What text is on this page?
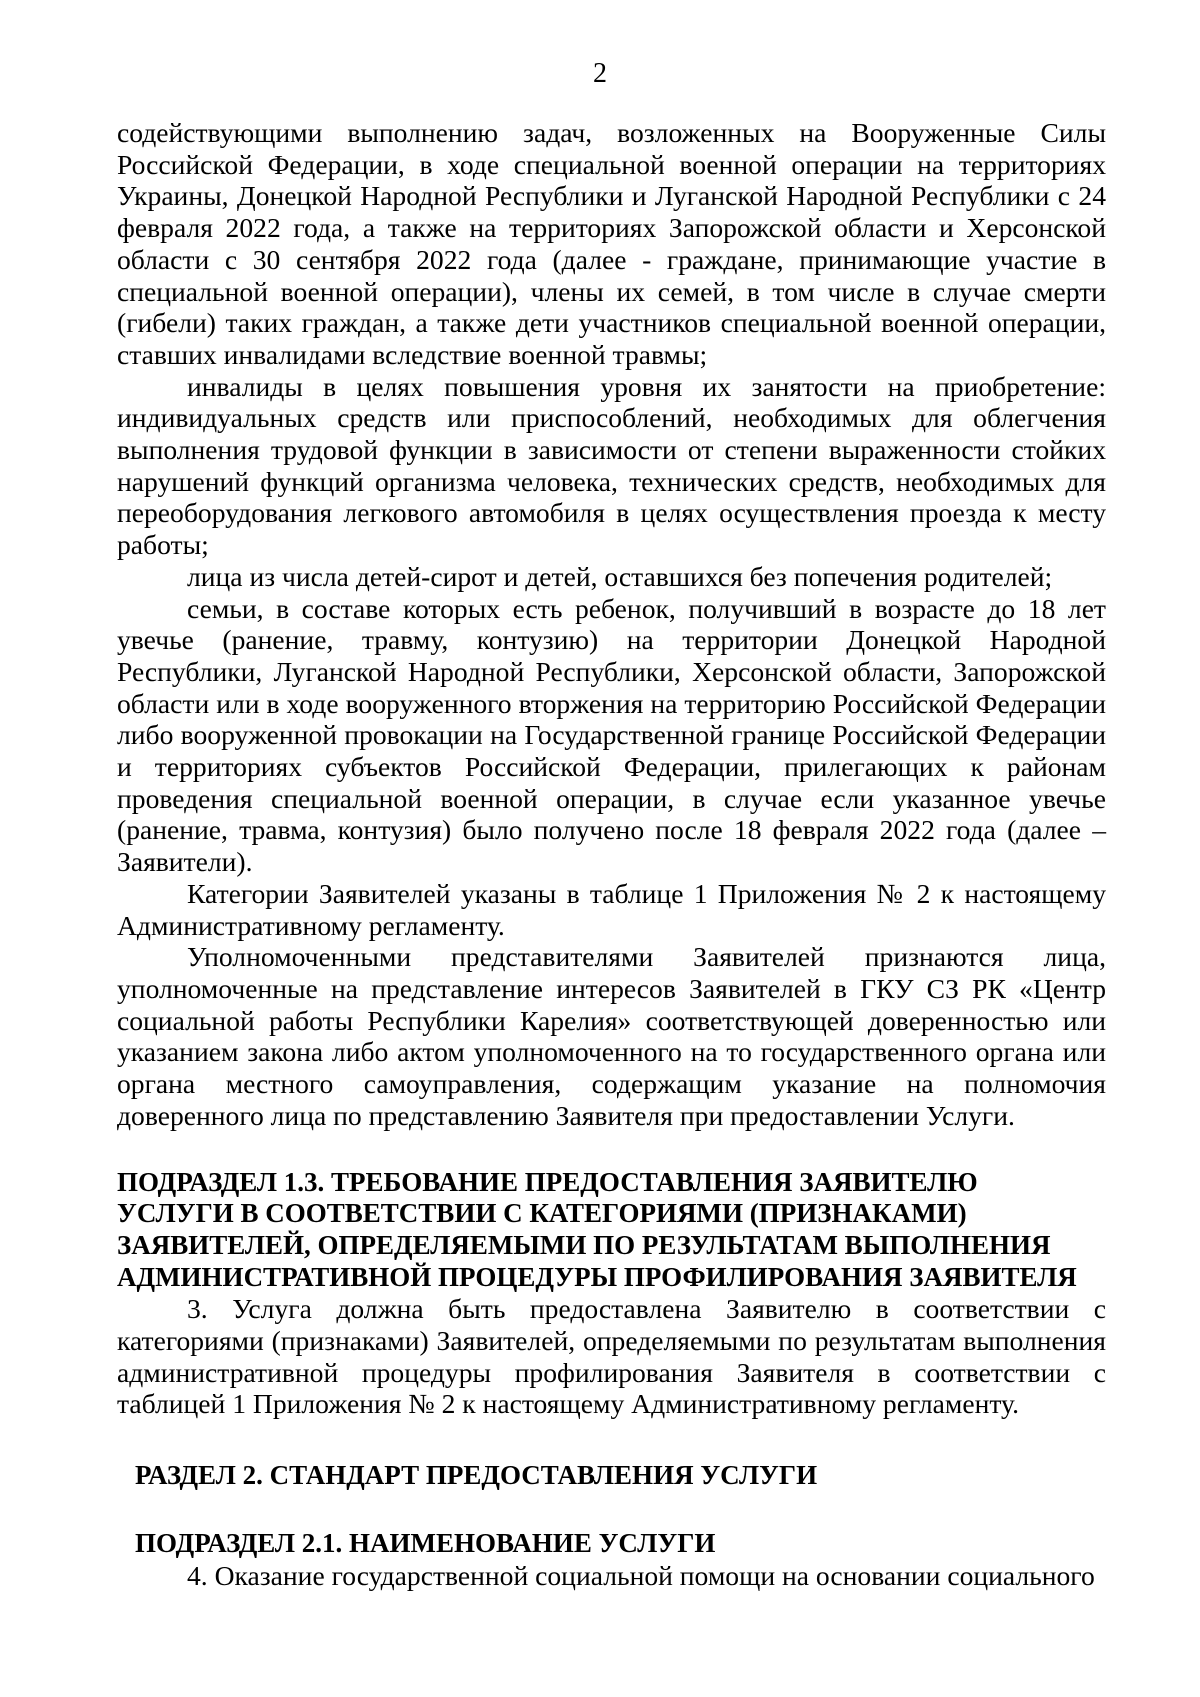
2

содействующими выполнению задач, возложенных на Вооруженные Силы Российской Федерации, в ходе специальной военной операции на территориях Украины, Донецкой Народной Республики и Луганской Народной Республики с 24 февраля 2022 года, а также на территориях Запорожской области и Херсонской области с 30 сентября 2022 года (далее - граждане, принимающие участие в специальной военной операции), члены их семей, в том числе в случае смерти (гибели) таких граждан, а также дети участников специальной военной операции, ставших инвалидами вследствие военной травмы;

инвалиды в целях повышения уровня их занятости на приобретение: индивидуальных средств или приспособлений, необходимых для облегчения выполнения трудовой функции в зависимости от степени выраженности стойких нарушений функций организма человека, технических средств, необходимых для переоборудования легкового автомобиля в целях осуществления проезда к месту работы;

лица из числа детей-сирот и детей, оставшихся без попечения родителей;

семьи, в составе которых есть ребенок, получивший в возрасте до 18 лет увечье (ранение, травму, контузию) на территории Донецкой Народной Республики, Луганской Народной Республики, Херсонской области, Запорожской области или в ходе вооруженного вторжения на территорию Российской Федерации либо вооруженной провокации на Государственной границе Российской Федерации и территориях субъектов Российской Федерации, прилегающих к районам проведения специальной военной операции, в случае если указанное увечье (ранение, травма, контузия) было получено после 18 февраля 2022 года (далее – Заявители).

Категории Заявителей указаны в таблице 1 Приложения № 2 к настоящему Административному регламенту.

Уполномоченными представителями Заявителей признаются лица, уполномоченные на представление интересов Заявителей в ГКУ СЗ РК «Центр социальной работы Республики Карелия» соответствующей доверенностью или указанием закона либо актом уполномоченного на то государственного органа или органа местного самоуправления, содержащим указание на полномочия доверенного лица по представлению Заявителя при предоставлении Услуги.

ПОДРАЗДЕЛ 1.3. ТРЕБОВАНИЕ ПРЕДОСТАВЛЕНИЯ ЗАЯВИТЕЛЮ

УСЛУГИ В СООТВЕТСТВИИ С КАТЕГОРИЯМИ (ПРИЗНАКАМИ)

ЗАЯВИТЕЛЕЙ, ОПРЕДЕЛЯЕМЫМИ ПО РЕЗУЛЬТАТАМ ВЫПОЛНЕНИЯ

АДМИНИСТРАТИВНОЙ ПРОЦЕДУРЫ ПРОФИЛИРОВАНИЯ ЗАЯВИТЕЛЯ

3. Услуга должна быть предоставлена Заявителю в соответствии с категориями (признаками) Заявителей, определяемыми по результатам выполнения административной процедуры профилирования Заявителя в соответствии с таблицей 1 Приложения № 2 к настоящему Административному регламенту.

РАЗДЕЛ 2. СТАНДАРТ ПРЕДОСТАВЛЕНИЯ УСЛУГИ

ПОДРАЗДЕЛ 2.1. НАИМЕНОВАНИЕ УСЛУГИ

4. Оказание государственной социальной помощи на основании социального
